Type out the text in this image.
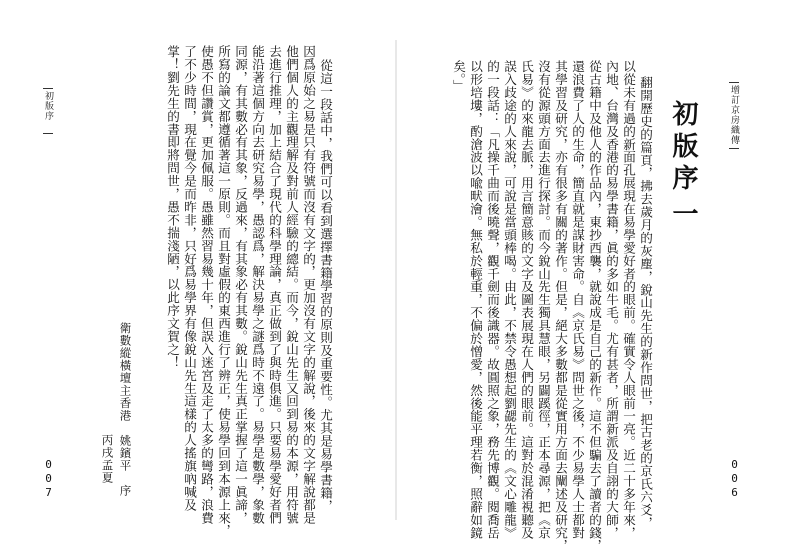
初版序	從這一段話中，我們可以看到選擇書籍學習的原則及重要性。尤其是易學書籍，
因爲原始之易是只有符號而沒有文字的，更加沒有文字的解說，後來的文字解說都是
他們個人的主觀理解及對前人經驗的總結。而今，銳山先生又回到易的本源，用符號
去進行推理，加上結合了現代的科學理論，真正做到了與時俱進。只要易學愛好者們
能沿著這個方向去研究易學，愚認爲，解決易學之謎爲時不遠了。易學是數學，象數
同源，有其數必有其象，反過來，有其象必有其數。銳山先生真正掌握了這一眞諦，
所寫的論文都遵循著這一原則。而且對虛假的東西進行了辨正，使易學回到本源上來，
使愚不但讚賞，更加佩服。愚雖然習易幾十年，但誤入迷宮及走了太多的彎路，浪費
了不少時間，現在覺今是而昨非，只好爲易學界有像銳山先生這樣的人搖旗吶喊及
掌！劉先生的書即將問世，愚不揣淺陋，以此序文賀之！
衛數縱橫壇主香港　姚鑌平　序
丙戌孟夏
007
增訂京房織傳
初版序
一
翻開歷史的篇頁，拂去歲月的灰塵，銳山先生的新作問世，把古老的京氏六爻，
以從未有過的新面孔展現在易學愛好者的眼前。確實令人眼前一亮。近二十多年來，
內地、台灣及香港的易學書籍，眞的多如牛毛。尤有甚者，所謂新派及自詡的大師，
從古籍中及他人的作品內，東抄西襲，就說成是自己的新作。這不但騙去了讀者的錢，
還浪費了人的生命，簡直就是謀財害命。自《京氏易》問世之後，不少易學人士都對
其學習及研究，亦有很多有關的著作。但是，絕大多數都是從實用方面去闡述及研究，
沒有從源頭方面去進行探討。而今銳山先生獨具慧眼，另闢蹊徑，正本尋源，把《京
氏易》的來龍去脈，用言簡意賅的文字及圖表展現在人們的眼前。這對於混淆視聽及
誤入歧途的人來說，可說是當頭棒喝。由此，不禁令愚想起劉勰先生的《文心雕龍》
的一段話：「凡操千曲而後曉聲，觀千劍而後識器。故圓照之象，務先博觀。閱喬岳
以形培塿，酌滄波以喩畎澮。無私於輕重，不偏於憎愛，然後能平理若衡，照辭如鏡
矣。」
006
